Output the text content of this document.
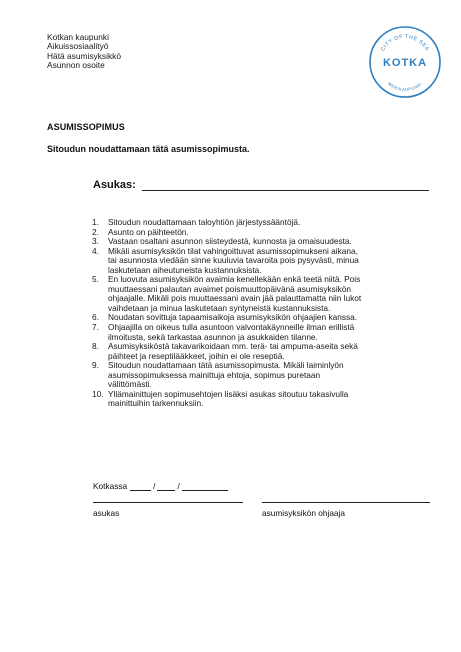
Kotkan kaupunki
Aikuissosiaalityö
Hätä asumisyksikkö
Asunnon osoite
CITY OF THE SEA
KOTKA
MERIKAUPUNKI
ASUMISSOPIMUS
Sitoudun noudattamaan tätä asumissopimusta.
Asukas:
1.	Sitoudun noudattamaan taloyhtiön järjestyssääntöjä.
2.	Asunto on päihteetön.
3.	Vastaan osaltani asunnon siisteydestä, kunnosta ja omaisuudesta.
4.	Mikäli asumisyksikön tilat vahingoittuvat asumissopimukseni aikana, tai asunnosta viedään sinne kuuluvia tavaroita pois pysyvästi, minua laskutetaan aiheutuneista kustannuksista.
5.	En luovuta asumisyksikön avaimia kenellekään enkä teetä niitä. Pois muuttaessani palautan avaimet poismuuttopäivänä asumisyksikön ohjaajalle. Mikäli pois muuttaessani avain jää palauttamatta niin lukot vaihdetaan ja minua laskutetaan syntyneistä kustannuksista.
6.	Noudatan sovittuja tapaamisaikoja asumisyksikön ohjaajien kanssa.
7.	Ohjaajilla on oikeus tulla asuntoon valvontakäynneille ilman erillistä ilmoitusta, sekä tarkastaa asunnon ja asukkaiden tilanne.
8.	Asumisyksiköstä takavarikoidaan mm. terä- tai ampuma-aseita sekä päihteet ja reseptilääkkeet, joihin ei ole reseptiä.
9.	Sitoudun noudattamaan tätä asumissopimusta. Mikäli laiminlyön asumissopimuksessa mainittuja ehtoja, sopimus puretaan välittömästi.
10. Yllämainittujen sopimusehtojen lisäksi asukas sitoutuu takasivulla mainittuihin tarkennuksiin.
Kotkassa	/	/
asukas	asumisyksikön ohjaaja
